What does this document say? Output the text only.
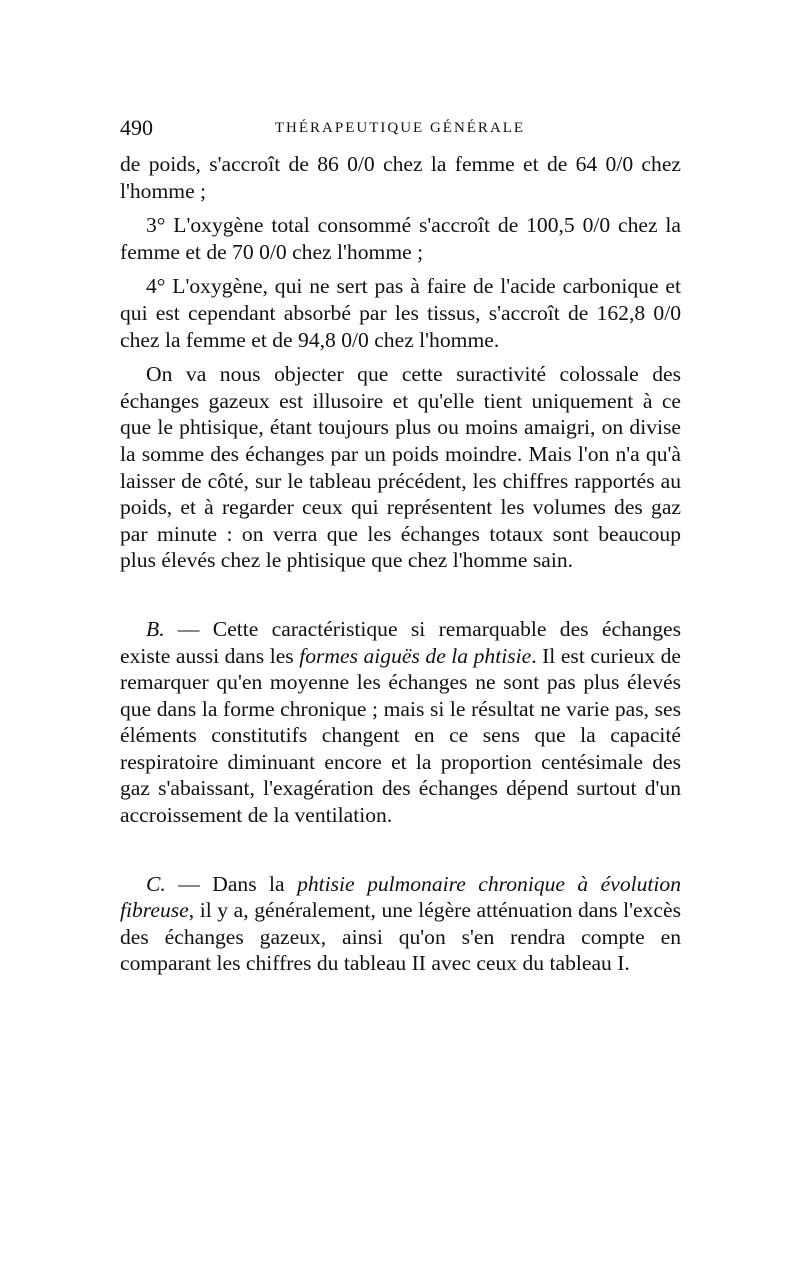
490	THÉRAPEUTIQUE GÉNÉRALE

de poids, s'accroît de 86 0/0 chez la femme et de 64 0/0 chez l'homme ;

3° L'oxygène total consommé s'accroît de 100,5 0/0 chez la femme et de 70 0/0 chez l'homme ;

4° L'oxygène, qui ne sert pas à faire de l'acide carbonique et qui est cependant absorbé par les tissus, s'accroît de 162,8 0/0 chez la femme et de 94,8 0/0 chez l'homme.

On va nous objecter que cette suractivité colossale des échanges gazeux est illusoire et qu'elle tient uniquement à ce que le phtisique, étant toujours plus ou moins amaigri, on divise la somme des échanges par un poids moindre. Mais l'on n'a qu'à laisser de côté, sur le tableau précédent, les chiffres rapportés au poids, et à regarder ceux qui représentent les volumes des gaz par minute : on verra que les échanges totaux sont beaucoup plus élevés chez le phtisique que chez l'homme sain.

B. — Cette caractéristique si remarquable des échanges existe aussi dans les formes aiguës de la phtisie. Il est curieux de remarquer qu'en moyenne les échanges ne sont pas plus élevés que dans la forme chronique ; mais si le résultat ne varie pas, ses éléments constitutifs changent en ce sens que la capacité respiratoire diminuant encore et la proportion centésimale des gaz s'abaissant, l'exagération des échanges dépend surtout d'un accroissement de la ventilation.

C. — Dans la phtisie pulmonaire chronique à évolution fibreuse, il y a, généralement, une légère atténuation dans l'excès des échanges gazeux, ainsi qu'on s'en rendra compte en comparant les chiffres du tableau II avec ceux du tableau I.
